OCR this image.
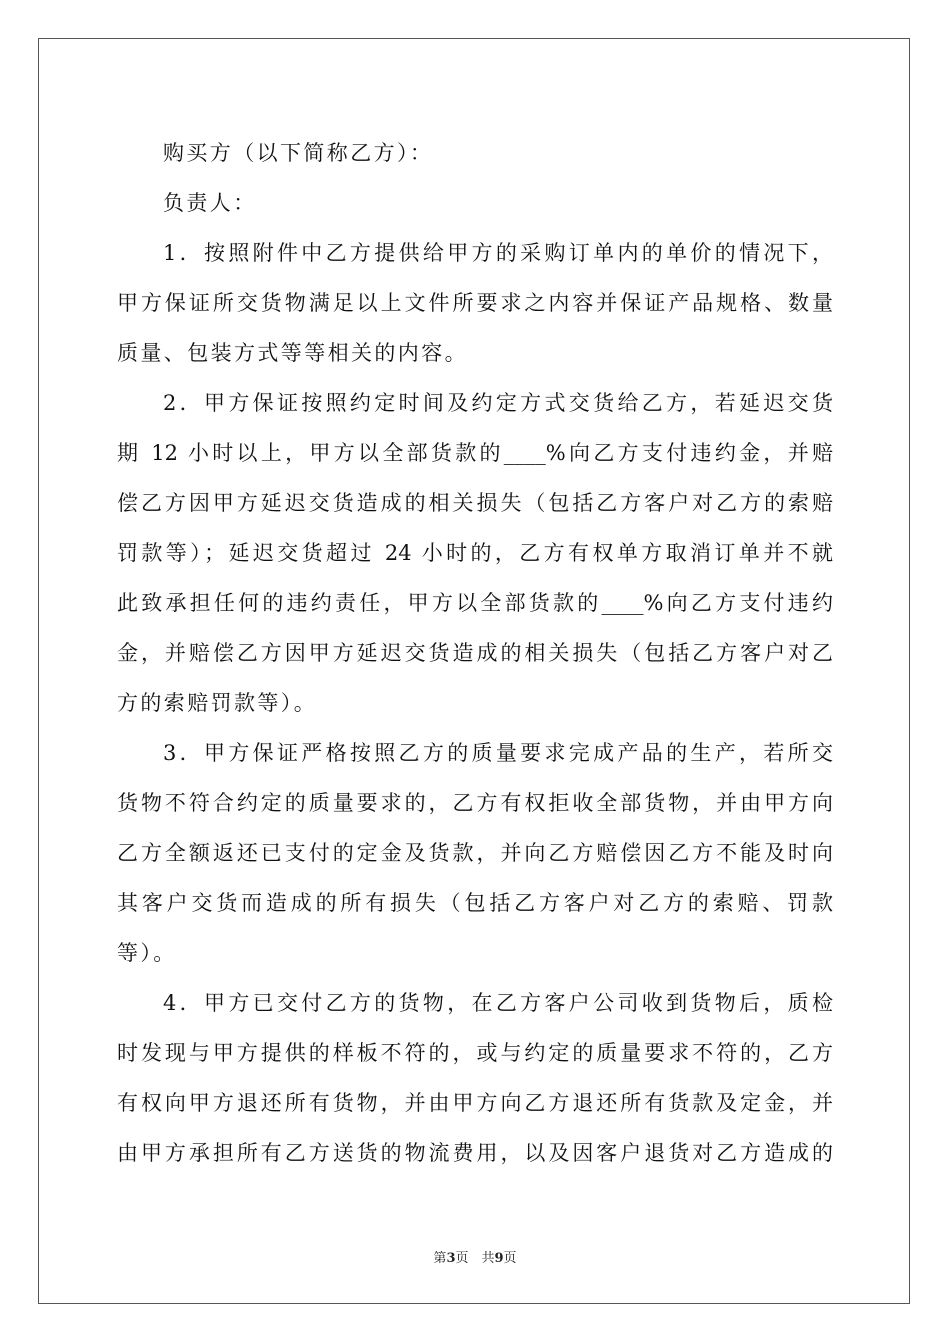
购买方（以下简称乙方）：
负责人：
1．按照附件中乙方提供给甲方的采购订单内的单价的情况下，
甲方保证所交货物满足以上文件所要求之内容并保证产品规格、数量
质量、包装方式等等相关的内容。
2．甲方保证按照约定时间及约定方式交货给乙方，若延迟交货
期 12 小时以上，甲方以全部货款的____%向乙方支付违约金，并赔
偿乙方因甲方延迟交货造成的相关损失（包括乙方客户对乙方的索赔
罚款等）；延迟交货超过 24 小时的，乙方有权单方取消订单并不就
此致承担任何的违约责任，甲方以全部货款的____%向乙方支付违约
金，并赔偿乙方因甲方延迟交货造成的相关损失（包括乙方客户对乙
方的索赔罚款等）。
3．甲方保证严格按照乙方的质量要求完成产品的生产，若所交
货物不符合约定的质量要求的，乙方有权拒收全部货物，并由甲方向
乙方全额返还已支付的定金及货款，并向乙方赔偿因乙方不能及时向
其客户交货而造成的所有损失（包括乙方客户对乙方的索赔、罚款
等）。
4．甲方已交付乙方的货物，在乙方客户公司收到货物后，质检
时发现与甲方提供的样板不符的，或与约定的质量要求不符的，乙方
有权向甲方退还所有货物，并由甲方向乙方退还所有货款及定金，并
由甲方承担所有乙方送货的物流费用，以及因客户退货对乙方造成的
第3页　共9页
